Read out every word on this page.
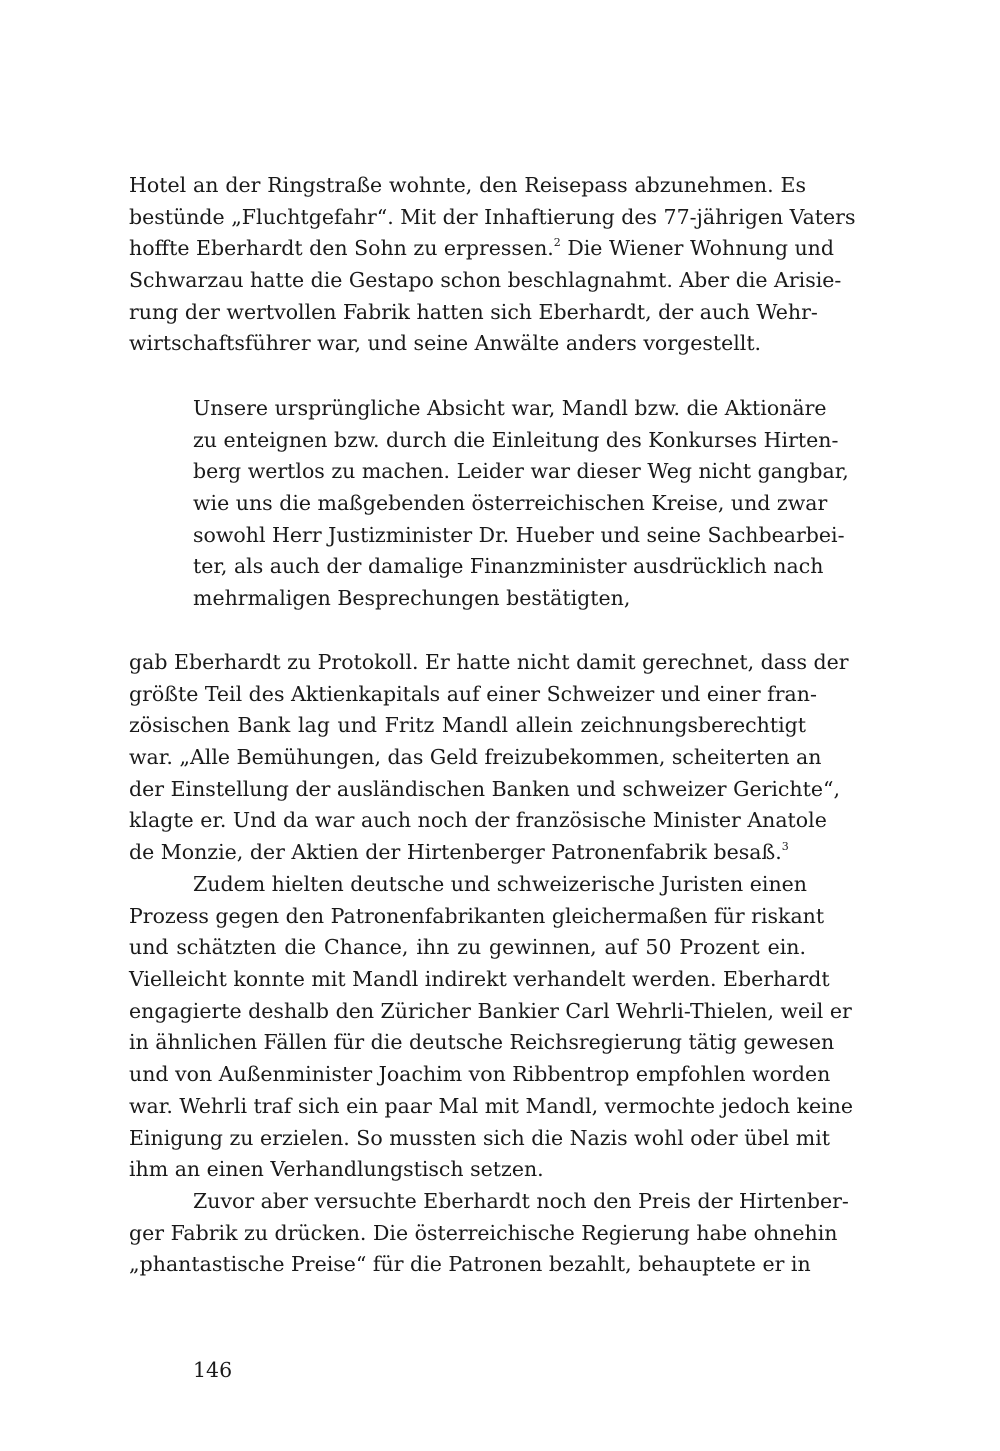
Hotel an der Ringstraße wohnte, den Reisepass abzunehmen. Es
bestünde „Fluchtgefahr“. Mit der Inhaftierung des 77-jährigen Vaters
hoffte Eberhardt den Sohn zu erpressen.$^2$ Die Wiener Wohnung und
Schwarzau hatte die Gestapo schon beschlagnahmt. Aber die Arisie-
rung der wertvollen Fabrik hatten sich Eberhardt, der auch Wehr-
wirtschaftsführer war, und seine Anwälte anders vorgestellt.
Unsere ursprüngliche Absicht war, Mandl bzw. die Aktionäre
zu enteignen bzw. durch die Einleitung des Konkurses Hirten-
berg wertlos zu machen. Leider war dieser Weg nicht gangbar,
wie uns die maßgebenden österreichischen Kreise, und zwar
sowohl Herr Justizminister Dr. Hueber und seine Sachbearbei-
ter, als auch der damalige Finanzminister ausdrücklich nach
mehrmaligen Besprechungen bestätigten,
gab Eberhardt zu Protokoll. Er hatte nicht damit gerechnet, dass der
größte Teil des Aktienkapitals auf einer Schweizer und einer fran-
zösischen Bank lag und Fritz Mandl allein zeichnungsberechtigt
war. „Alle Bemühungen, das Geld freizubekommen, scheiterten an
der Einstellung der ausländischen Banken und schweizer Gerichte“,
klagte er. Und da war auch noch der französische Minister Anatole
de Monzie, der Aktien der Hirtenberger Patronenfabrik besaß.$^3$
Zudem hielten deutsche und schweizerische Juristen einen
Prozess gegen den Patronenfabrikanten gleichermaßen für riskant
und schätzten die Chance, ihn zu gewinnen, auf 50 Prozent ein.
Vielleicht konnte mit Mandl indirekt verhandelt werden. Eberhardt
engagierte deshalb den Züricher Bankier Carl Wehrli-Thielen, weil er
in ähnlichen Fällen für die deutsche Reichsregierung tätig gewesen
und von Außenminister Joachim von Ribbentrop empfohlen worden
war. Wehrli traf sich ein paar Mal mit Mandl, vermochte jedoch keine
Einigung zu erzielen. So mussten sich die Nazis wohl oder übel mit
ihm an einen Verhandlungstisch setzen.
Zuvor aber versuchte Eberhardt noch den Preis der Hirtenber-
ger Fabrik zu drücken. Die österreichische Regierung habe ohnehin
„phantastische Preise“ für die Patronen bezahlt, behauptete er in
146
